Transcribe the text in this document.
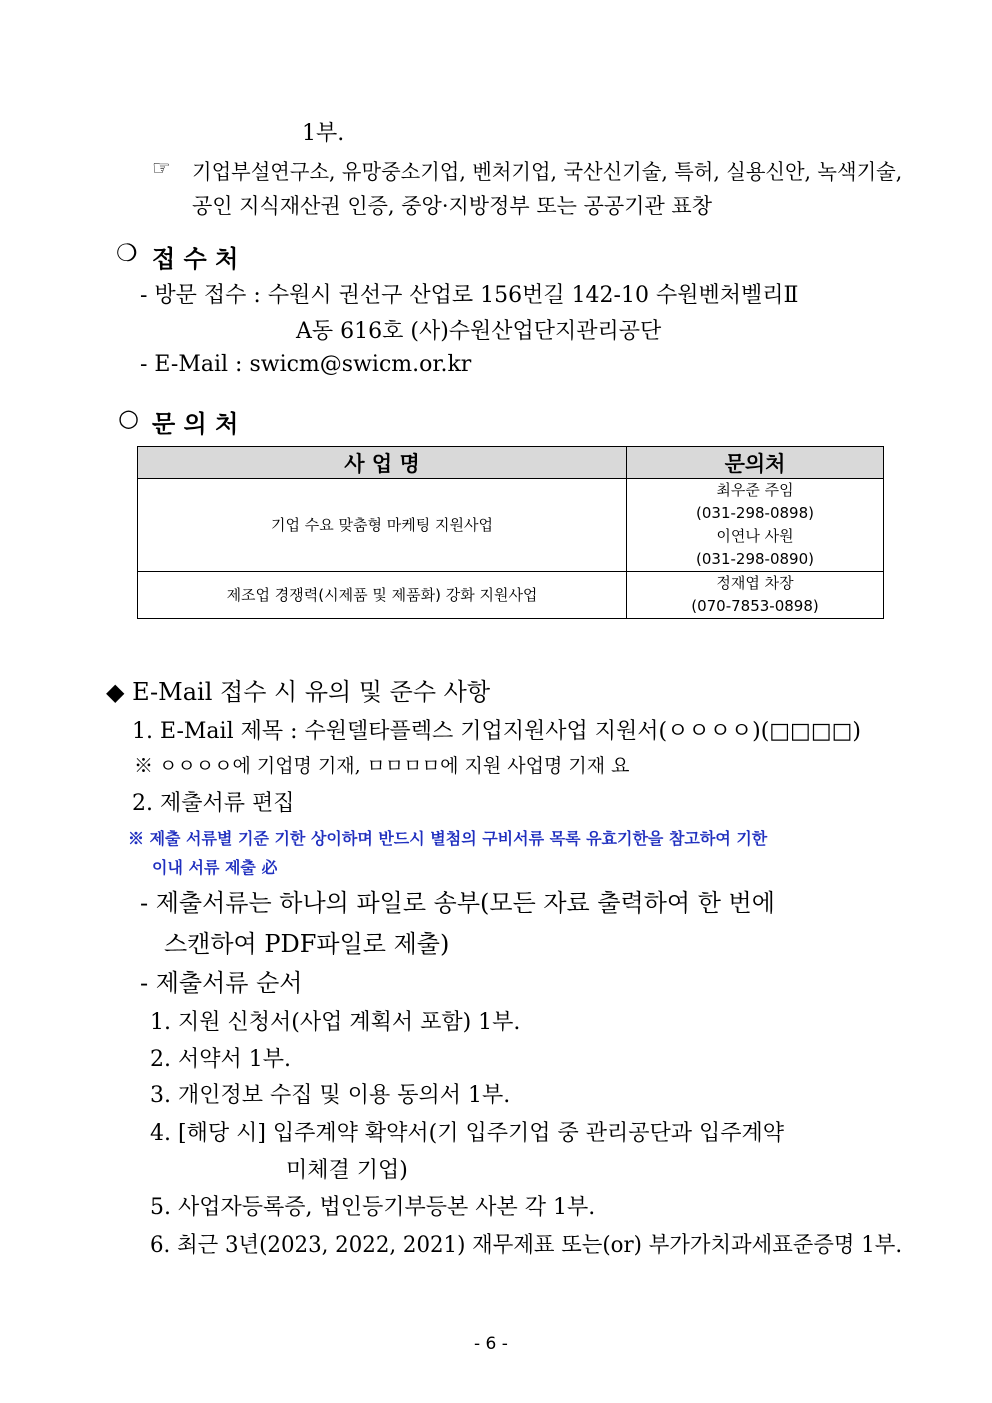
1부.
☞ 기업부설연구소, 유망중소기업, 벤처기업, 국산신기술, 특허, 실용신안, 녹색기술,
공인 지식재산권 인증, 중앙·지방정부 또는 공공기관 표창
❍ 접 수 처
- 방문 접수 : 수원시 권선구 산업로 156번길 142-10 수원벤처벨리Ⅱ
A동 616호 (사)수원산업단지관리공단
- E-Mail : swicm@swicm.or.kr
○ 문 의 처
사 업 명	문의처
기업 수요 맞춤형 마케팅 지원사업	최우준 주임
(031-298-0898)
이연나 사원
(031-298-0890)

제조업 경쟁력(시제품 및 제품화) 강화 지원사업	정재엽 차장
(070-7853-0898)
◆ E-Mail 접수 시 유의 및 준수 사항
1. E-Mail 제목 : 수원델타플렉스 기업지원사업 지원서(ㅇㅇㅇㅇ)(□□□□)
※ ㅇㅇㅇㅇ에 기업명 기재, ㅁㅁㅁㅁ에 지원 사업명 기재 요
2. 제출서류 편집
※ 제출 서류별 기준 기한 상이하며 반드시 별첨의 구비서류 목록 유효기한을 참고하여 기한
이내 서류 제출 必
- 제출서류는 하나의 파일로 송부(모든 자료 출력하여 한 번에
스캔하여 PDF파일로 제출)
- 제출서류 순서
1. 지원 신청서(사업 계획서 포함) 1부.
2. 서약서 1부.
3. 개인정보 수집 및 이용 동의서 1부.
4. [해당 시] 입주계약 확약서(기 입주기업 중 관리공단과 입주계약
미체결 기업)
5. 사업자등록증, 법인등기부등본 사본 각 1부.
6. 최근 3년(2023, 2022, 2021) 재무제표 또는(or) 부가가치과세표준증명 1부.
- 6 -
